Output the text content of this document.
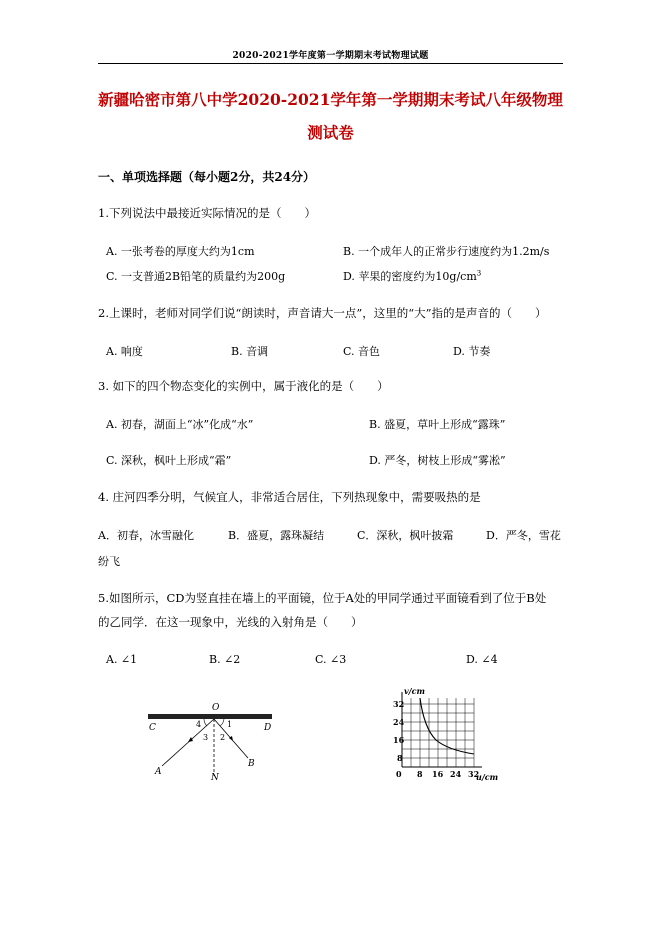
2020-2021学年度第一学期期末考试物理试题
新疆哈密市第八中学2020-2021学年第一学期期末考试八年级物理
测试卷
一、单项选择题（每小题2分，共24分）
1.下列说法中最接近实际情况的是（　　）
A. 一张考卷的厚度大约为1cm	B. 一个成年人的正常步行速度约为1.2m/s
C. 一支普通2B铅笔的质量约为200g	D. 苹果的密度约为$10g/cm^3$
2.上课时，老师对同学们说“朗读时，声音请大一点”，这里的“大”指的是声音的（　　）
A. 响度	B. 音调	C. 音色	D. 节奏
3. 如下的四个物态变化的实例中，属于液化的是（　　）
A. 初春，湖面上“冰”化成“水”	B. 盛夏，草叶上形成“露珠”
C. 深秋，枫叶上形成“霜”	D. 严冬，树枝上形成“雾凇”
4. 庄河四季分明，气候宜人，非常适合居住，下列热现象中，需要吸热的是
A．初春，冰雪融化	B．盛夏，露珠凝结	C．深秋，枫叶披霜	D．严冬，雪花
纷飞
5.如图所示，CD为竖直挂在墙上的平面镜，位于A处的甲同学通过平面镜看到了位于B处
的乙同学．在这一现象中，光线的入射角是（　　）
A. ∠1	B. ∠2	C. ∠3	D. ∠4
O
C	D
A
B
N
1
2
3
4
v/cm
u/cm
0
32
24
16
8
8 16 24 32
